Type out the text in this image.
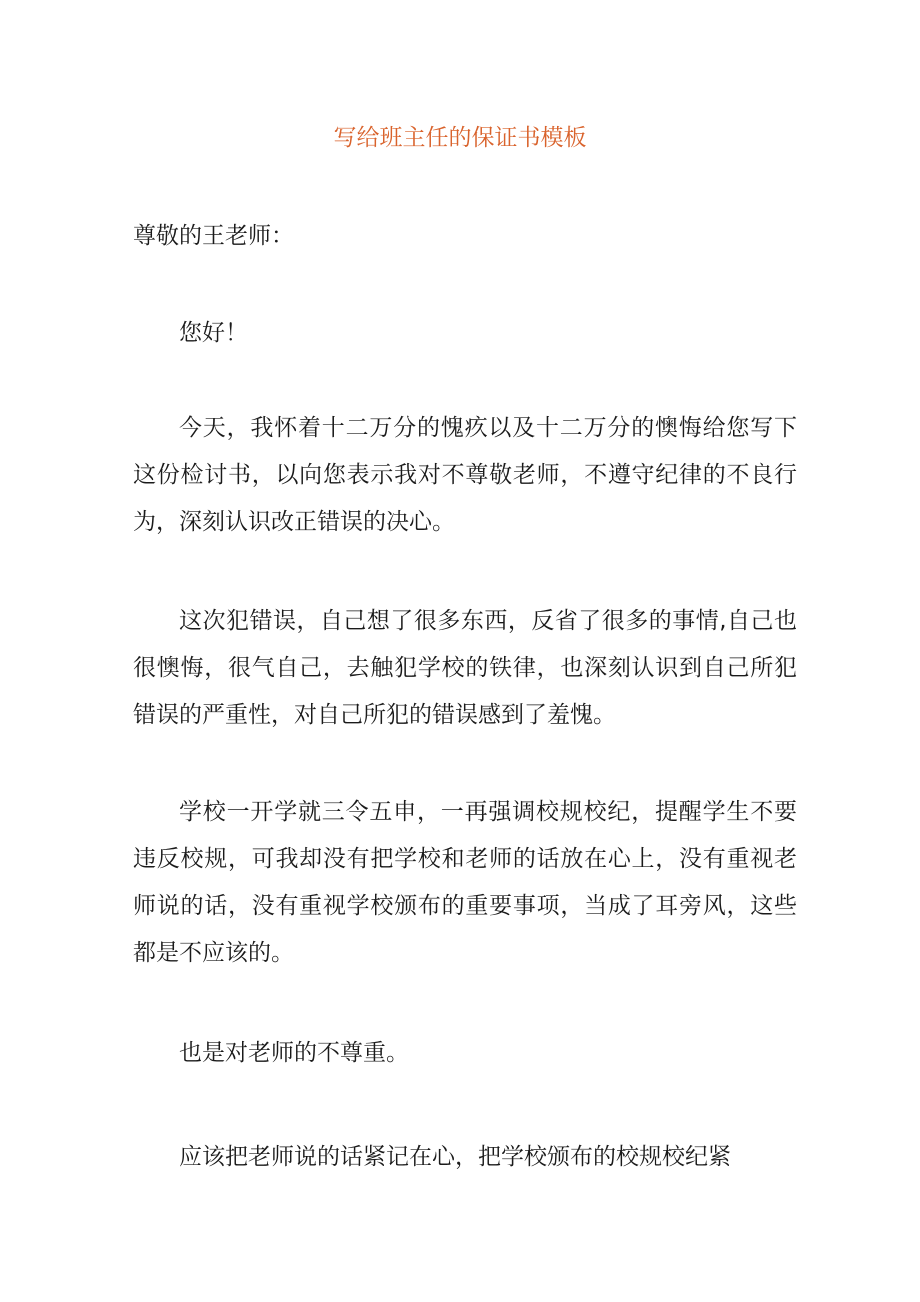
写给班主任的保证书模板
尊敬的王老师：

您好！

今天，我怀着十二万分的愧疚以及十二万分的懊悔给您写下这份检讨书，以向您表示我对不尊敬老师，不遵守纪律的不良行为，深刻认识改正错误的决心。

这次犯错误，自己想了很多东西，反省了很多的事情,自己也很懊悔，很气自己，去触犯学校的铁律，也深刻认识到自己所犯错误的严重性，对自己所犯的错误感到了羞愧。

学校一开学就三令五申，一再强调校规校纪，提醒学生不要违反校规，可我却没有把学校和老师的话放在心上，没有重视老师说的话，没有重视学校颁布的重要事项，当成了耳旁风，这些都是不应该的。

也是对老师的不尊重。

应该把老师说的话紧记在心，把学校颁布的校规校纪紧
